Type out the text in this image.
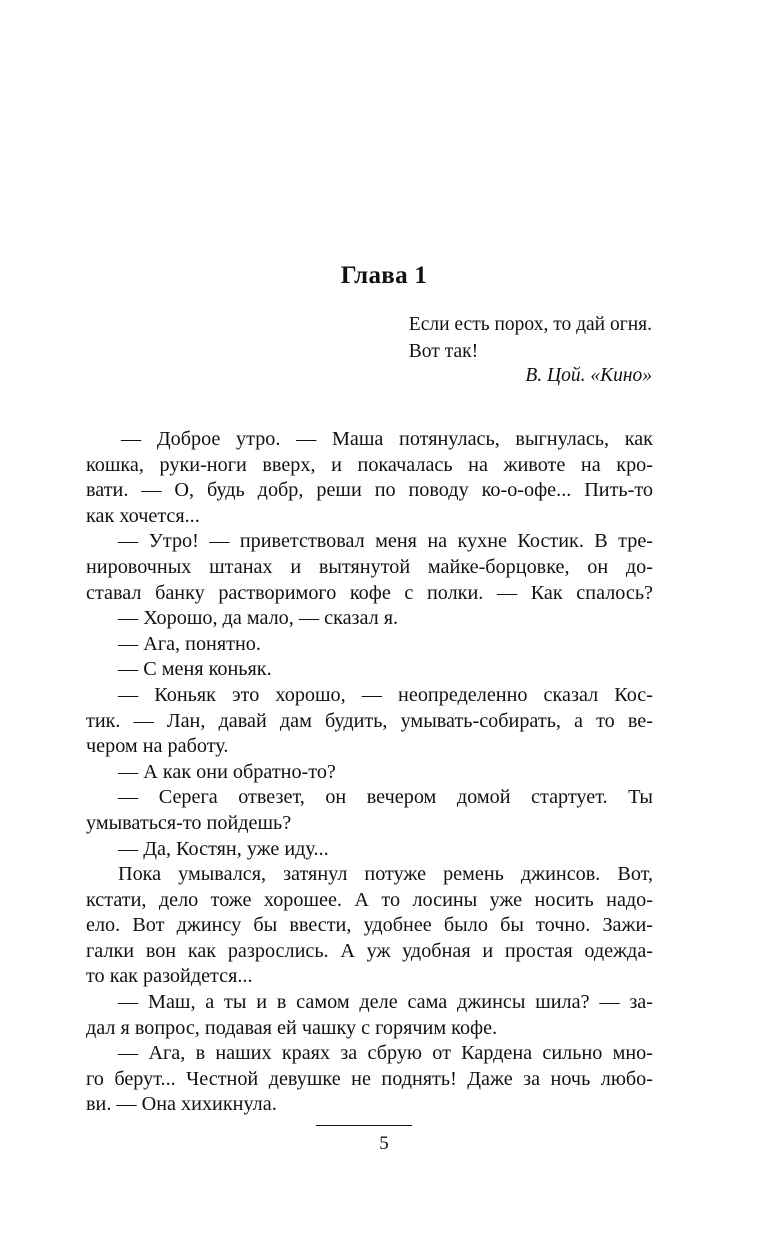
Глава 1
Если есть порох, то дай огня.
Вот так!
В. Цой. «Кино»
— Доброе утро. — Маша потянулась, выгнулась, как
кошка, руки-ноги вверх, и покачалась на животе на кро-
вати. — О, будь добр, реши по поводу ко-о-офе... Пить-то
как хочется...
— Утро! — приветствовал меня на кухне Костик. В тре-
нировочных штанах и вытянутой майке-борцовке, он до-
ставал банку растворимого кофе с полки. — Как спалось?
— Хорошо, да мало, — сказал я.
— Ага, понятно.
— С меня коньяк.
— Коньяк это хорошо, — неопределенно сказал Кос-
тик. — Лан, давай дам будить, умывать-собирать, а то ве-
чером на работу.
— А как они обратно-то?
— Серега отвезет, он вечером домой стартует. Ты
умываться-то пойдешь?
— Да, Костян, уже иду...
Пока умывался, затянул потуже ремень джинсов. Вот,
кстати, дело тоже хорошее. А то лосины уже носить надо-
ело. Вот джинсу бы ввести, удобнее было бы точно. Зажи-
галки вон как разрослись. А уж удобная и простая одежда-
то как разойдется...
— Маш, а ты и в самом деле сама джинсы шила? — за-
дал я вопрос, подавая ей чашку с горячим кофе.
— Ага, в наших краях за сбрую от Кардена сильно мно-
го берут... Честной девушке не поднять! Даже за ночь любо-
ви. — Она хихикнула.
5
